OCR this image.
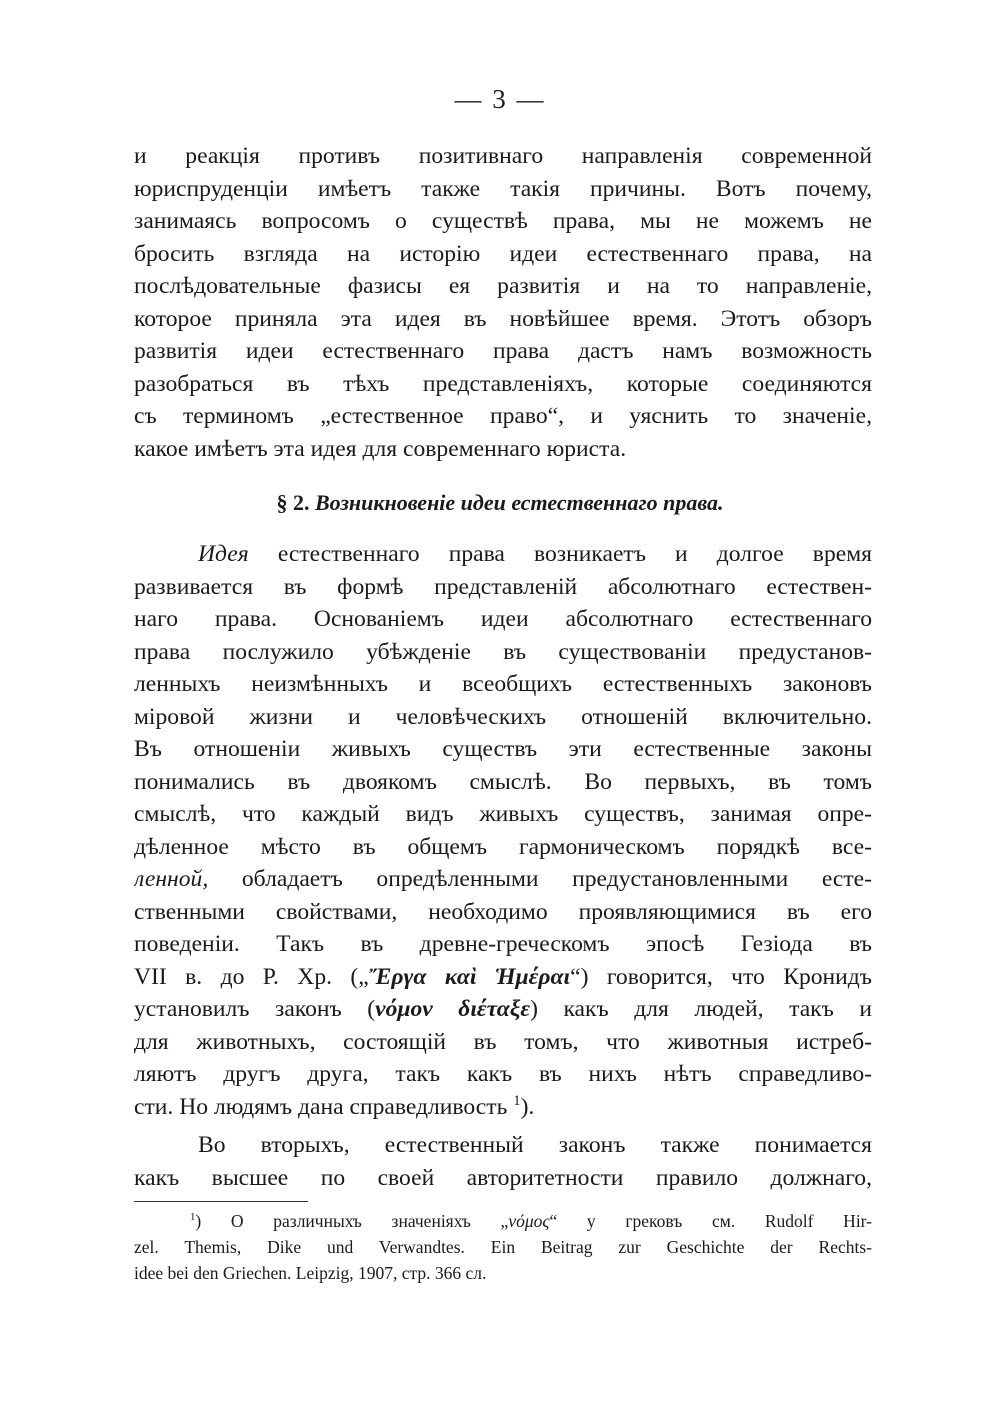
— 3 —
и реакція противъ позитивнаго направленія современной
юриспруденціи имѣетъ также такія причины. Вотъ почему,
занимаясь вопросомъ о существѣ права, мы не можемъ не
бросить взгляда на исторію идеи естественнаго права, на
послѣдовательные фазисы ея развитія и на то направленіе,
которое приняла эта идея въ новѣйшее время. Этотъ обзоръ
развитія идеи естественнаго права дастъ намъ возможность
разобраться въ тѣхъ представленіяхъ, которые соединяются
съ терминомъ „естественное право“, и уяснить то значеніе,
какое имѣетъ эта идея для современнаго юриста.
§ 2. Возникновеніе идеи естественнаго права.
Идея естественнаго права возникаетъ и долгое время
развивается въ формѣ представленій абсолютнаго естествен-
наго права. Основаніемъ идеи абсолютнаго естественнаго
права послужило убѣжденіе въ существованіи предустанов-
ленныхъ неизмѣнныхъ и всеобщихъ естественныхъ законовъ
міровой жизни и человѣческихъ отношеній включительно.
Въ отношеніи живыхъ существъ эти естественные законы
понимались въ двоякомъ смыслѣ. Во первыхъ, въ томъ
смыслѣ, что каждый видъ живыхъ существъ, занимая опре-
дѣленное мѣсто въ общемъ гармоническомъ порядкѣ все-
ленной, обладаетъ опредѣленными предустановленными есте-
ственными свойствами, необходимо проявляющимися въ его
поведеніи. Такъ въ древне-греческомъ эпосѣ Гезіода въ
VII в. до Р. Хр. („Ἔργα καὶ Ἡμέραι“) говорится, что Кронидъ
установилъ законъ (νόμον διέταξε) какъ для людей, такъ и
для животныхъ, состоящій въ томъ, что животныя истреб-
ляютъ другъ друга, такъ какъ въ нихъ нѣтъ справедливо-
сти. Но людямъ дана справедливость $^1$).
Во вторыхъ, естественный законъ также понимается
какъ высшее по своей авторитетности правило должнаго,
$^1$) О различныхъ значеніяхъ „νόμος“ у грековъ см. Rudolf Hir-
zel. Themis, Dike und Verwandtes. Ein Beitrag zur Geschichte der Rechts-
idee bei den Griechen. Leipzig, 1907, стр. 366 сл.
